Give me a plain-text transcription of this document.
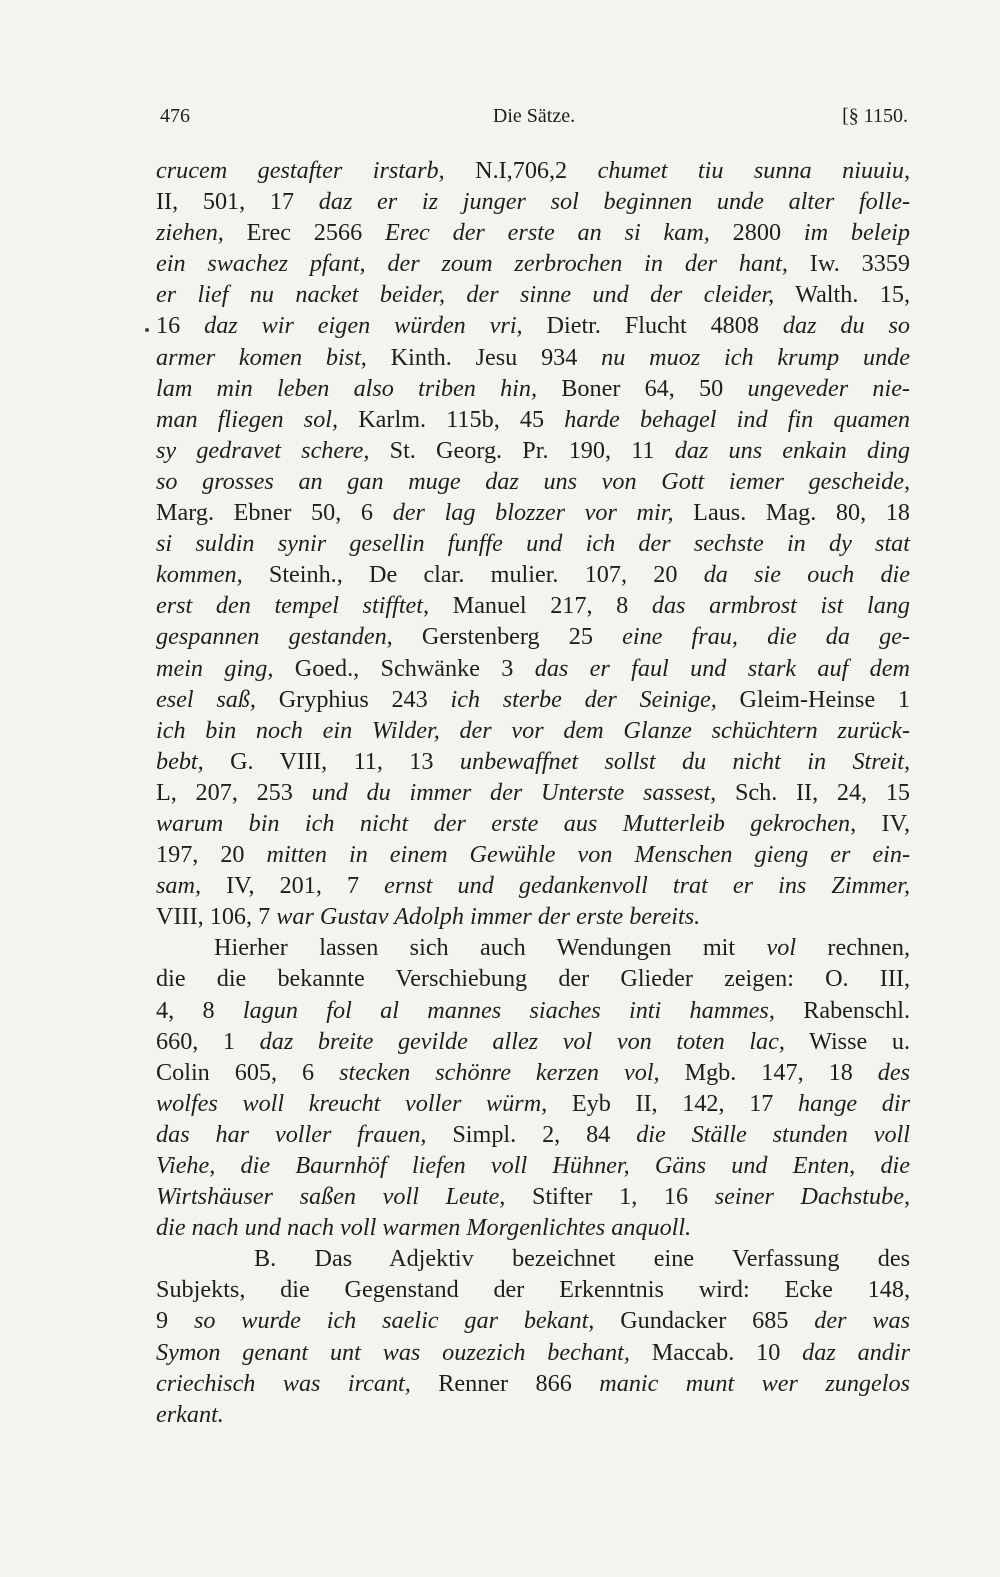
476	Die Sätze.	[§ 1150.
crucem gestafter irstarb, N.I,706,2 chumet tiu sunna niuuiu,
II, 501, 17 daz er iz junger sol beginnen unde alter folle-
ziehen, Erec 2566 Erec der erste an si kam, 2800 im beleip
ein swachez pfant, der zoum zerbrochen in der hant, Iw. 3359
er lief nu nacket beider, der sinne und der cleider, Walth. 15,
16 daz wir eigen würden vri, Dietr. Flucht 4808 daz du so
armer komen bist, Kinth. Jesu 934 nu muoz ich krump unde
lam min leben also triben hin, Boner 64, 50 ungeveder nie-
man fliegen sol, Karlm. 115b, 45 harde behagel ind fin quamen
sy gedravet schere, St. Georg. Pr. 190, 11 daz uns enkain ding
so grosses an gan muge daz uns von Gott iemer gescheide,
Marg. Ebner 50, 6 der lag blozzer vor mir, Laus. Mag. 80, 18
si suldin synir gesellin funffe und ich der sechste in dy stat
kommen, Steinh., De clar. mulier. 107, 20 da sie ouch die
erst den tempel stifftet, Manuel 217, 8 das armbrost ist lang
gespannen gestanden, Gerstenberg 25 eine frau, die da ge-
mein ging, Goed., Schwänke 3 das er faul und stark auf dem
esel saß, Gryphius 243 ich sterbe der Seinige, Gleim-Heinse 1
ich bin noch ein Wilder, der vor dem Glanze schüchtern zurück-
bebt, G. VIII, 11, 13 unbewaffnet sollst du nicht in Streit,
L, 207, 253 und du immer der Unterste sassest, Sch. II, 24, 15
warum bin ich nicht der erste aus Mutterleib gekrochen, IV,
197, 20 mitten in einem Gewühle von Menschen gieng er ein-
sam, IV, 201, 7 ernst und gedankenvoll trat er ins Zimmer,
VIII, 106, 7 war Gustav Adolph immer der erste bereits.
Hierher lassen sich auch Wendungen mit vol rechnen,
die die bekannte Verschiebung der Glieder zeigen: O. III,
4, 8 lagun fol al mannes siaches inti hammes, Rabenschl.
660, 1 daz breite gevilde allez vol von toten lac, Wisse u.
Colin 605, 6 stecken schönre kerzen vol, Mgb. 147, 18 des
wolfes woll kreucht voller würm, Eyb II, 142, 17 hange dir
das har voller frauen, Simpl. 2, 84 die Ställe stunden voll
Viehe, die Baurnhöf liefen voll Hühner, Gäns und Enten, die
Wirtshäuser saßen voll Leute, Stifter 1, 16 seiner Dachstube,
die nach und nach voll warmen Morgenlichtes anquoll.
B. Das Adjektiv bezeichnet eine Verfassung des
Subjekts, die Gegenstand der Erkenntnis wird: Ecke 148,
9 so wurde ich saelic gar bekant, Gundacker 685 der was
Symon genant unt was ouzezich bechant, Maccab. 10 daz andir
criechisch was ircant, Renner 866 manic munt wer zungelos
erkant.
